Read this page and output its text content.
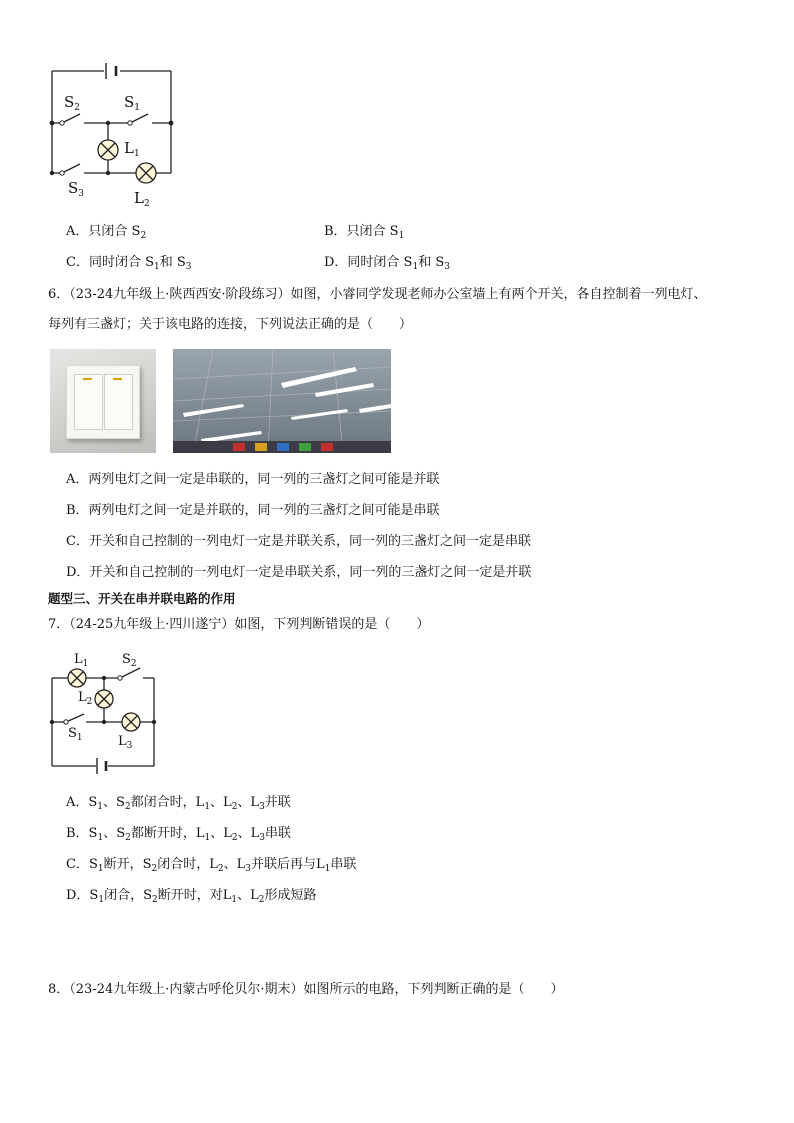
$S_2$	$S_1$
$L_1$
$S_3$	$L_2$
A．只闭合 $S_2$	B．只闭合 $S_1$
C．同时闭合 $S_1$和 $S_3$	D．同时闭合 $S_1$和 $S_3$
6．（23-24九年级上·陕西西安·阶段练习）如图，小睿同学发现老师办公室墙上有两个开关，各自控制着一列电灯、
每列有三盏灯；关于该电路的连接，下列说法正确的是（　　）
A．两列电灯之间一定是串联的，同一列的三盏灯之间可能是并联
B．两列电灯之间一定是并联的，同一列的三盏灯之间可能是串联
C．开关和自己控制的一列电灯一定是并联关系，同一列的三盏灯之间一定是串联
D．开关和自己控制的一列电灯一定是串联关系，同一列的三盏灯之间一定是并联
题型三、开关在串并联电路的作用
7．（24-25九年级上·四川遂宁）如图，下列判断错误的是（　　）
$L_1$	$S_2$
$L_2$
$S_1$	$L_3$
A．$S_1$、$S_2$都闭合时，$L_1$、$L_2$、$L_3$并联
B．$S_1$、$S_2$都断开时，$L_1$、$L_2$、$L_3$串联
C．$S_1$断开，$S_2$闭合时，$L_2$、$L_3$并联后再与$L_1$串联
D．$S_1$闭合，$S_2$断开时，对$L_1$、$L_2$形成短路
8．（23-24九年级上·内蒙古呼伦贝尔·期末）如图所示的电路，下列判断正确的是（　　）
